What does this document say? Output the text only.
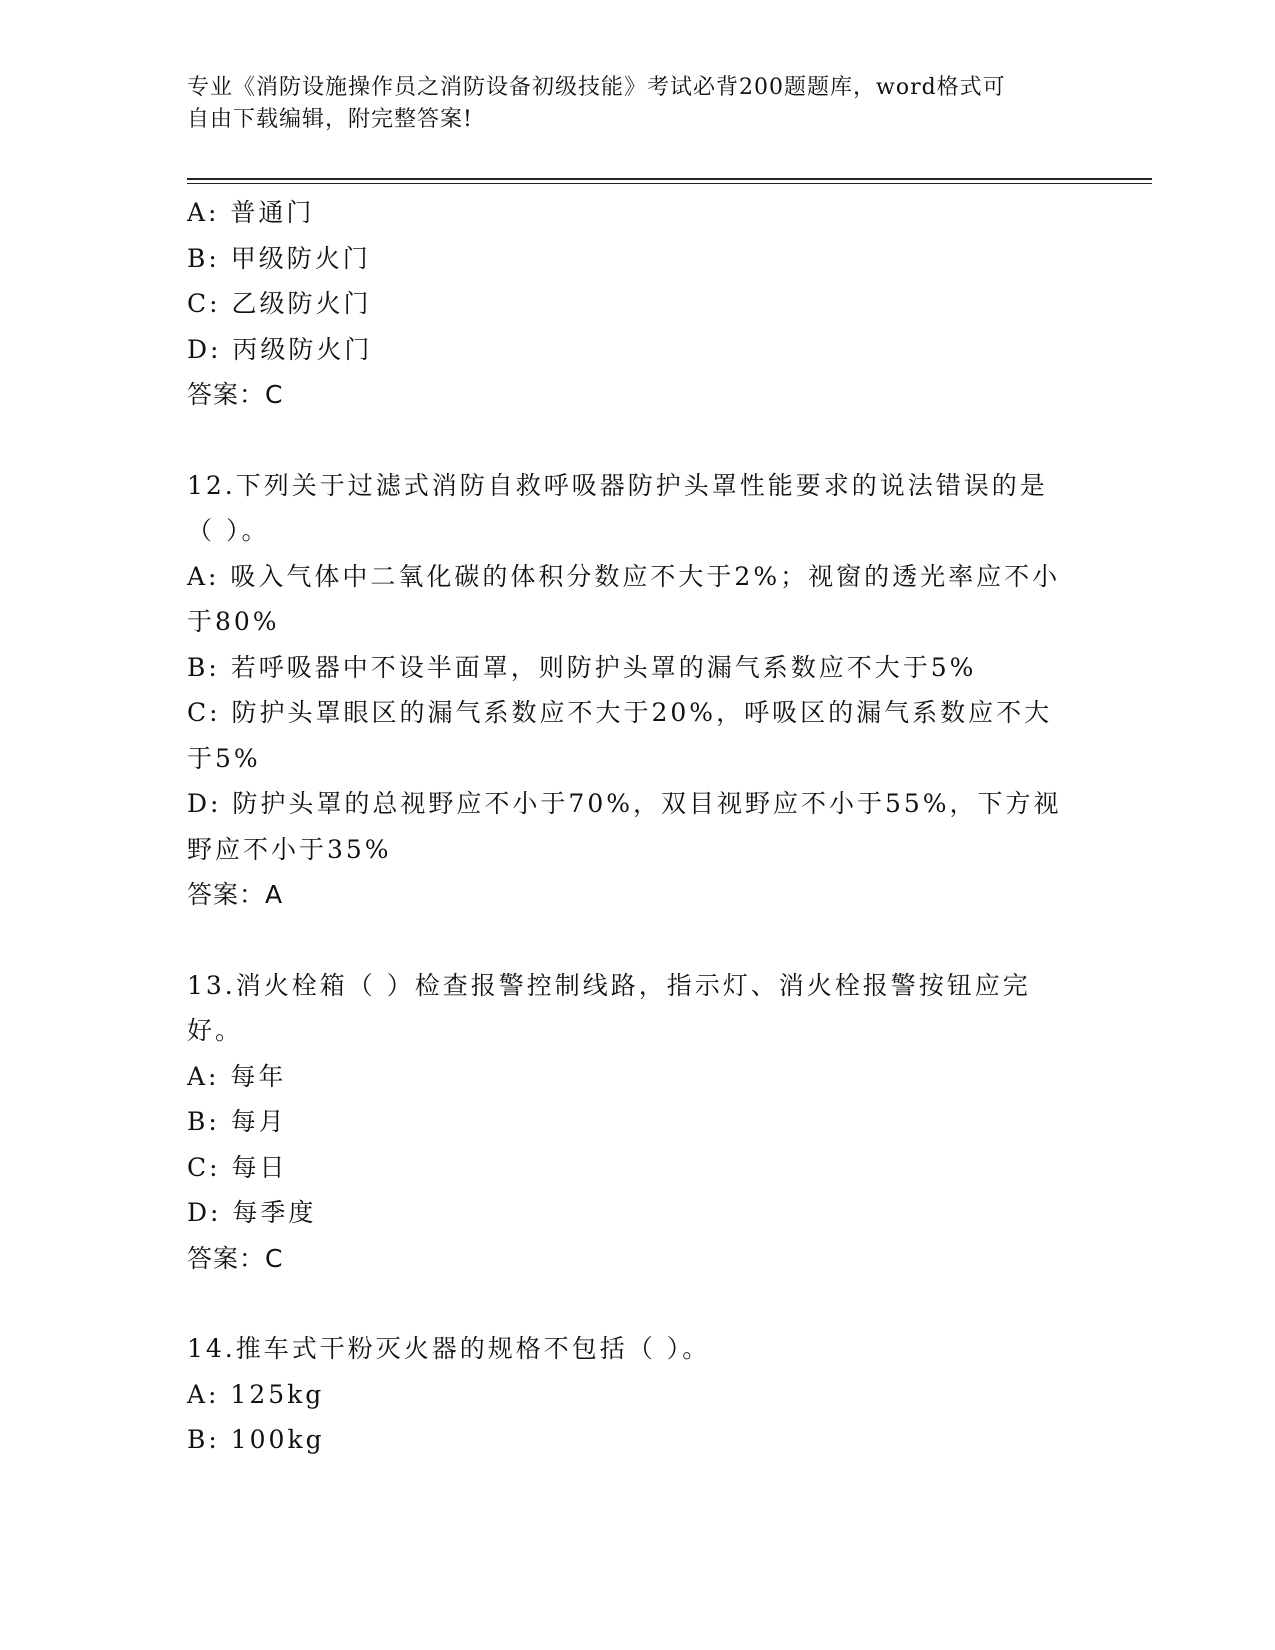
专业《消防设施操作员之消防设备初级技能》考试必背200题题库，word格式可
自由下载编辑，附完整答案!
A: 普通门
B: 甲级防火门
C: 乙级防火门
D: 丙级防火门
答案：C
12.下列关于过滤式消防自救呼吸器防护头罩性能要求的说法错误的是
（ ）。
A: 吸入气体中二氧化碳的体积分数应不大于2%；视窗的透光率应不小
于80%
B: 若呼吸器中不设半面罩，则防护头罩的漏气系数应不大于5%
C: 防护头罩眼区的漏气系数应不大于20%，呼吸区的漏气系数应不大
于5%
D: 防护头罩的总视野应不小于70%，双目视野应不小于55%，下方视
野应不小于35%
答案：A
13.消火栓箱（ ）检查报警控制线路，指示灯、消火栓报警按钮应完
好。
A: 每年
B: 每月
C: 每日
D: 每季度
答案：C
14.推车式干粉灭火器的规格不包括（ ）。
A: 125kg
B: 100kg
